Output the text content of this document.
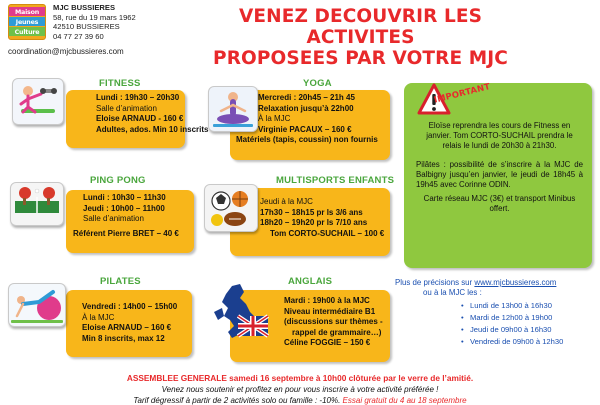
Maison
Jeunes
Culture
MJC BUSSIERES
58, rue du 19 mars 1962
42510 BUSSIERES
04 77 27 39 60
coordination@mjcbussieres.com
VENEZ DECOUVRIR LES ACTIVITES
PROPOSEES PAR VOTRE MJC
FITNESS
Lundi : 19h30 – 20h30
Salle d’animation
Eloise ARNAUD - 160 €
Adultes, ados. Min 10 inscrits
YOGA
Mercredi : 20h45 – 21h 45
Relaxation jusqu’à 22h00
À la MJC
Virginie PACAUX – 160 €
Matériels (tapis, coussin) non fournis
PING PONG
Lundi : 10h30 – 11h30
Jeudi : 10h00 – 11h00
Salle d’animation
Référent Pierre BRET – 40 €
MULTISPORTS ENFANTS
Jeudi à la MJC
17h30 – 18h15 pr ls 3/6 ans
18h20 – 19h20 pr ls 7/10 ans
Tom CORTO-SUCHAIL – 100 €
PILATES
Vendredi : 14h00 – 15h00
À la MJC
Eloise ARNAUD – 160 €
Min 8 inscrits, max 12
ANGLAIS
Mardi : 19h00 à la MJC
Niveau intermédiaire B1
(discussions sur thèmes -
rappel de grammaire…)
Céline FOGGIE – 150 €
Eloïse reprendra les cours de Fitness en janvier. Tom CORTO-SUCHAIL prendra le relais le lundi de 20h30 à 21h30.
Pilâtes : possibilité de s’inscrire à la MJC de Balbigny jusqu’en janvier, le jeudi de 18h45 à 19h45 avec Corinne ODIN.
Carte réseau MJC (3€) et transport Minibus offert.
IMPORTANT
Plus de précisions sur www.mjcbussieres.com
ou à la MJC les :
• Lundi de 13h00 à 16h30
• Mardi de 12h00 à 19h00
• Jeudi de 09h00 à 16h30
• Vendredi de 09h00 à 12h30
ASSEMBLEE GENERALE samedi 16 septembre à 10h00 clôturée par le verre de l’amitié.
Venez nous soutenir et profitez en pour vous inscrire à votre activité préférée !
Tarif dégressif à partir de 2 activités solo ou famille : -10%. Essai gratuit du 4 au 18 septembre
